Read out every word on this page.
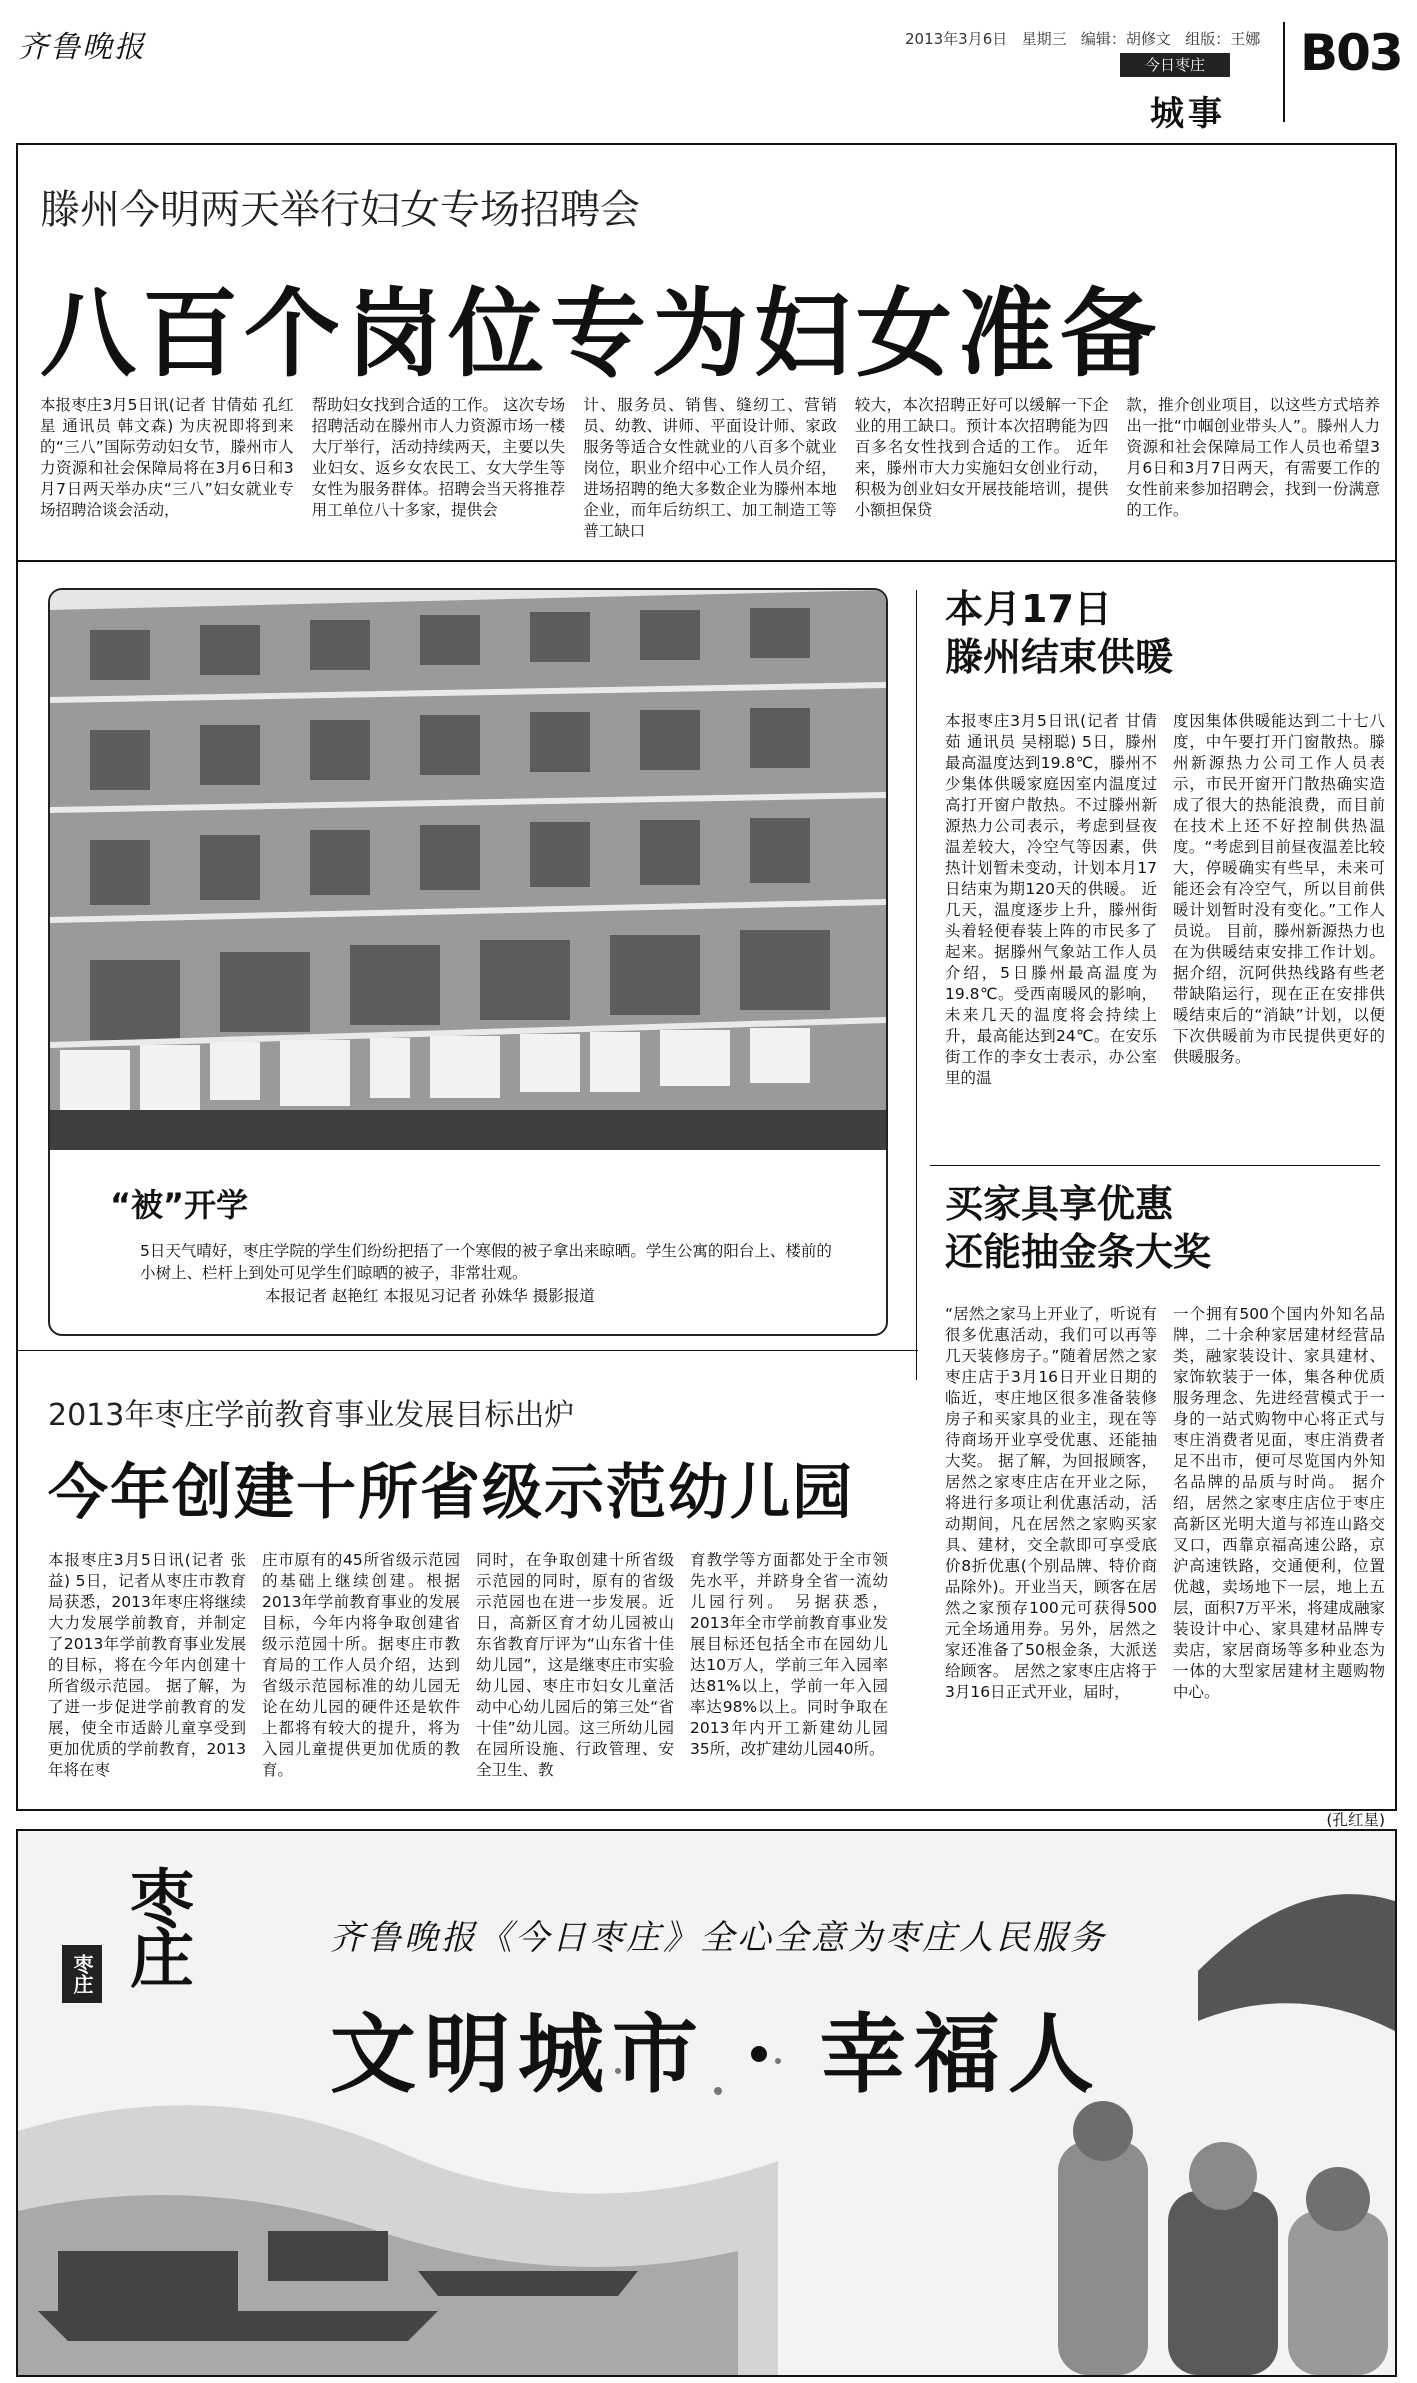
齐鲁晚报	2013年3月6日 星期三 编辑：胡修文 组版：王娜
今日枣庄
城事
B03
滕州今明两天举行妇女专场招聘会
八百个岗位专为妇女准备

本报枣庄3月5日讯(记者 甘倩茹 孔红星 通讯员 韩文森) 为庆祝即将到来的“三八”国际劳动妇女节，滕州市人力资源和社会保障局将在3月6日和3月7日两天举办庆“三八”妇女就业专场招聘洽谈会活动，

帮助妇女找到合适的工作。 这次专场招聘活动在滕州市人力资源市场一楼大厅举行，活动持续两天，主要以失业妇女、返乡女农民工、女大学生等女性为服务群体。招聘会当天将推荐用工单位八十多家，提供会

计、服务员、销售、缝纫工、营销员、幼教、讲师、平面设计师、家政服务等适合女性就业的八百多个就业岗位，职业介绍中心工作人员介绍，进场招聘的绝大多数企业为滕州本地企业，而年后纺织工、加工制造工等普工缺口

较大，本次招聘正好可以缓解一下企业的用工缺口。预计本次招聘能为四百多名女性找到合适的工作。 近年来，滕州市大力实施妇女创业行动，积极为创业妇女开展技能培训，提供小额担保贷

款，推介创业项目，以这些方式培养出一批“巾帼创业带头人”。滕州人力资源和社会保障局工作人员也希望3月6日和3月7日两天，有需要工作的女性前来参加招聘会，找到一份满意的工作。

“被”开学
5日天气晴好，枣庄学院的学生们纷纷把捂了一个寒假的被子拿出来晾晒。学生公寓的阳台上、楼前的小树上、栏杆上到处可见学生们晾晒的被子，非常壮观。
本报记者 赵艳红 本报见习记者 孙姝华 摄影报道
本月17日
滕州结束供暖

本报枣庄3月5日讯(记者 甘倩茹 通讯员 吴栩聪) 5日，滕州最高温度达到19.8℃，滕州不少集体供暖家庭因室内温度过高打开窗户散热。不过滕州新源热力公司表示，考虑到昼夜温差较大，冷空气等因素，供热计划暂未变动，计划本月17日结束为期120天的供暖。 近几天，温度逐步上升，滕州街头着轻便春装上阵的市民多了起来。据滕州气象站工作人员介绍，5日滕州最高温度为19.8℃。受西南暖风的影响，未来几天的温度将会持续上升，最高能达到24℃。在安乐街工作的李女士表示，办公室里的温

度因集体供暖能达到二十七八度，中午要打开门窗散热。滕州新源热力公司工作人员表示，市民开窗开门散热确实造成了很大的热能浪费，而目前在技术上还不好控制供热温度。“考虑到目前昼夜温差比较大，停暖确实有些早，未来可能还会有冷空气，所以目前供暖计划暂时没有变化。”工作人员说。 目前，滕州新源热力也在为供暖结束安排工作计划。据介绍，沉阿供热线路有些老带缺陷运行，现在正在安排供暖结束后的“消缺”计划，以便下次供暖前为市民提供更好的供暖服务。

买家具享优惠
还能抽金条大奖

“居然之家马上开业了，听说有很多优惠活动，我们可以再等几天装修房子。”随着居然之家枣庄店于3月16日开业日期的临近，枣庄地区很多准备装修房子和买家具的业主，现在等待商场开业享受优惠、还能抽大奖。 据了解，为回报顾客，居然之家枣庄店在开业之际，将进行多项让利优惠活动，活动期间，凡在居然之家购买家具、建材，交全款即可享受底价8折优惠(个别品牌、特价商品除外)。开业当天，顾客在居然之家预存100元可获得500元全场通用券。另外，居然之家还准备了50根金条，大派送给顾客。 居然之家枣庄店将于3月16日正式开业，届时，

一个拥有500个国内外知名品牌，二十余种家居建材经营品类，融家装设计、家具建材、家饰软装于一体，集各种优质服务理念、先进经营模式于一身的一站式购物中心将正式与枣庄消费者见面，枣庄消费者足不出市，便可尽览国内外知名品牌的品质与时尚。 据介绍，居然之家枣庄店位于枣庄高新区光明大道与祁连山路交叉口，西靠京福高速公路，京沪高速铁路，交通便利，位置优越，卖场地下一层，地上五层，面积7万平米，将建成融家装设计中心、家具建材品牌专卖店，家居商场等多种业态为一体的大型家居建材主题购物中心。

(孔红星)
2013年枣庄学前教育事业发展目标出炉
今年创建十所省级示范幼儿园

本报枣庄3月5日讯(记者 张益) 5日，记者从枣庄市教育局获悉，2013年枣庄将继续大力发展学前教育，并制定了2013年学前教育事业发展的目标，将在今年内创建十所省级示范园。 据了解，为了进一步促进学前教育的发展，使全市适龄儿童享受到更加优质的学前教育，2013年将在枣

庄市原有的45所省级示范园的基础上继续创建。根据2013年学前教育事业的发展目标，今年内将争取创建省级示范园十所。据枣庄市教育局的工作人员介绍，达到省级示范园标准的幼儿园无论在幼儿园的硬件还是软件上都将有较大的提升，将为入园儿童提供更加优质的教育。

同时，在争取创建十所省级示范园的同时，原有的省级示范园也在进一步发展。近日，高新区育才幼儿园被山东省教育厅评为“山东省十佳幼儿园”，这是继枣庄市实验幼儿园、枣庄市妇女儿童活动中心幼儿园后的第三处“省十佳”幼儿园。这三所幼儿园在园所设施、行政管理、安全卫生、教

育教学等方面都处于全市领先水平，并跻身全省一流幼儿园行列。 另据获悉，2013年全市学前教育事业发展目标还包括全市在园幼儿达10万人，学前三年入园率达81%以上，学前一年入园率达98%以上。同时争取在2013年内开工新建幼儿园35所，改扩建幼儿园40所。

枣庄
枣庄
齐鲁晚报《今日枣庄》全心全意为枣庄人民服务
文明城市 · 幸福人
